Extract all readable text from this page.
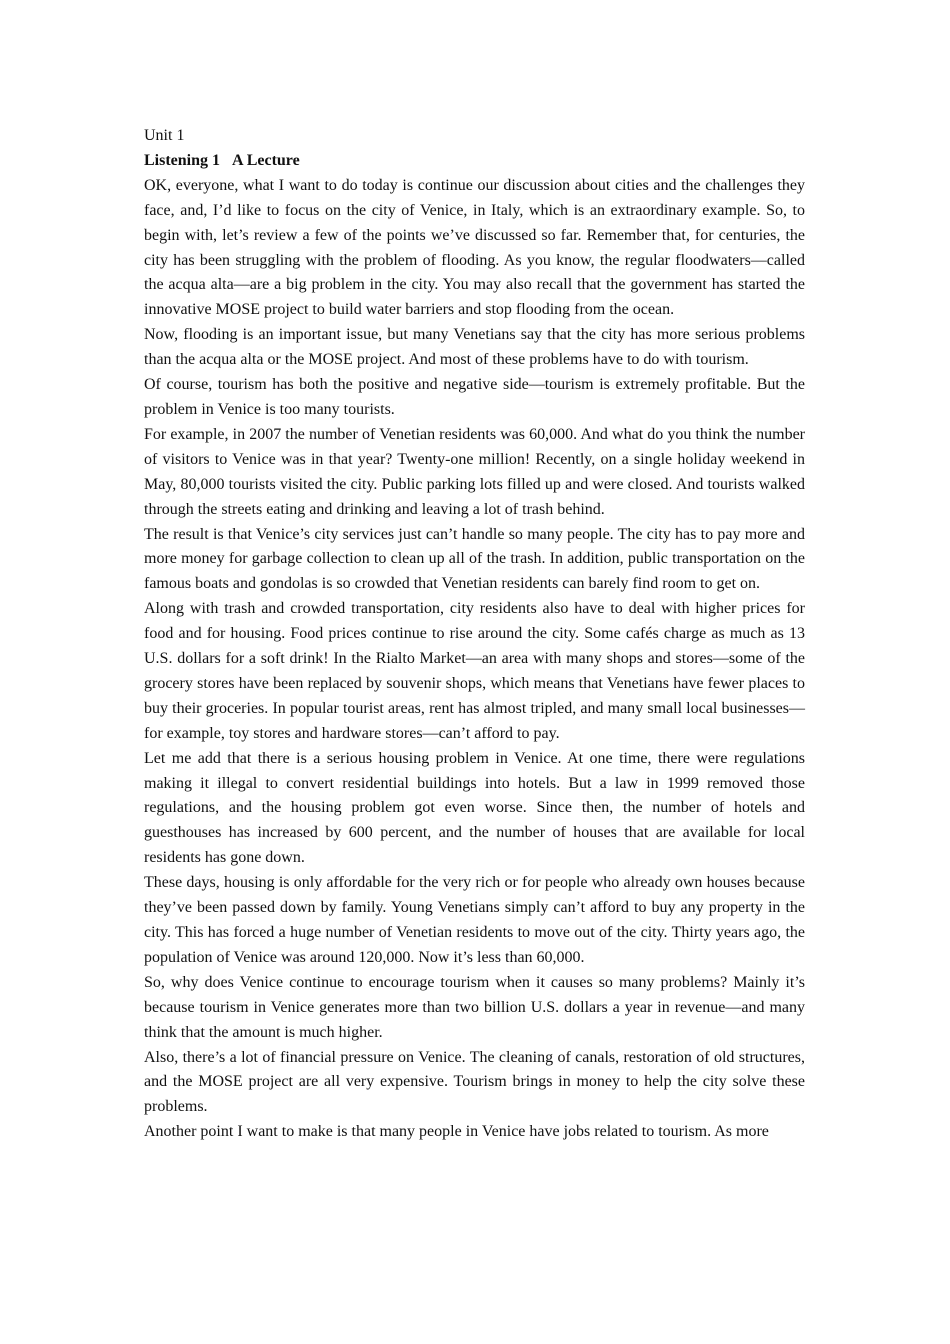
Unit 1

Listening 1 A Lecture

OK, everyone, what I want to do today is continue our discussion about cities and the challenges they face, and, I’d like to focus on the city of Venice, in Italy, which is an extraordinary example. So, to begin with, let’s review a few of the points we’ve discussed so far. Remember that, for centuries, the city has been struggling with the problem of flooding. As you know, the regular floodwaters—called the acqua alta—are a big problem in the city. You may also recall that the government has started the innovative MOSE project to build water barriers and stop flooding from the ocean.

Now, flooding is an important issue, but many Venetians say that the city has more serious problems than the acqua alta or the MOSE project. And most of these problems have to do with tourism.

Of course, tourism has both the positive and negative side—tourism is extremely profitable. But the problem in Venice is too many tourists.

For example, in 2007 the number of Venetian residents was 60,000. And what do you think the number of visitors to Venice was in that year? Twenty-one million! Recently, on a single holiday weekend in May, 80,000 tourists visited the city. Public parking lots filled up and were closed. And tourists walked through the streets eating and drinking and leaving a lot of trash behind.

The result is that Venice’s city services just can’t handle so many people. The city has to pay more and more money for garbage collection to clean up all of the trash. In addition, public transportation on the famous boats and gondolas is so crowded that Venetian residents can barely find room to get on.

Along with trash and crowded transportation, city residents also have to deal with higher prices for food and for housing. Food prices continue to rise around the city. Some cafés charge as much as 13 U.S. dollars for a soft drink! In the Rialto Market—an area with many shops and stores—some of the grocery stores have been replaced by souvenir shops, which means that Venetians have fewer places to buy their groceries. In popular tourist areas, rent has almost tripled, and many small local businesses—for example, toy stores and hardware stores—can’t afford to pay.

Let me add that there is a serious housing problem in Venice. At one time, there were regulations making it illegal to convert residential buildings into hotels. But a law in 1999 removed those regulations, and the housing problem got even worse. Since then, the number of hotels and guesthouses has increased by 600 percent, and the number of houses that are available for local residents has gone down.

These days, housing is only affordable for the very rich or for people who already own houses because they’ve been passed down by family. Young Venetians simply can’t afford to buy any property in the city. This has forced a huge number of Venetian residents to move out of the city. Thirty years ago, the population of Venice was around 120,000. Now it’s less than 60,000.

So, why does Venice continue to encourage tourism when it causes so many problems? Mainly it’s because tourism in Venice generates more than two billion U.S. dollars a year in revenue—and many think that the amount is much higher.

Also, there’s a lot of financial pressure on Venice. The cleaning of canals, restoration of old structures, and the MOSE project are all very expensive. Tourism brings in money to help the city solve these problems.

Another point I want to make is that many people in Venice have jobs related to tourism. As more
